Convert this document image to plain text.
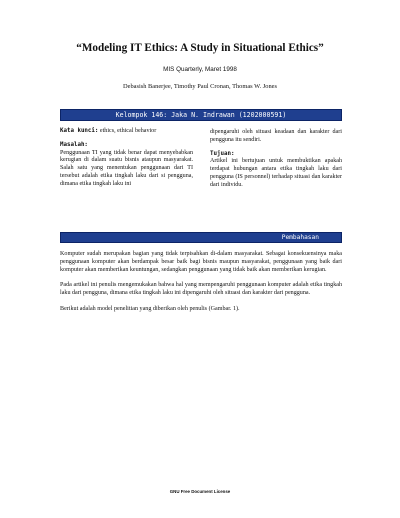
“Modeling IT Ethics: A Study in Situational Ethics”
MIS Quarterly, Maret 1998
Debasish Banerjee, Timothy Paul Cronan, Thomas W. Jones
Kelompok 146: Jaka N. Indrawan (1202000591)
Kata kunci: ethics, ethical behavior
Masalah:
Penggunaan TI yang tidak benar dapat menyebabkan kerugian di dalam suatu bisnis ataupun masyarakat. Salah satu yang menentukan penggunaan dari TI tersebut adalah etika tingkah laku dari si pengguna, dimana etika tingkah laku ini
dipengaruhi oleh situasi keadaan dan karakter dari pengguna itu sendiri.
Tujuan:
Artikel ini bertujuan untuk membuktikan apakah terdapat hubungan antara etika tingkah laku dari pengguna (IS personnel) terhadap situasi dan karakter dari individu.
Pembahasan

Komputer sudah merupakan bagian yang tidak terpisahkan di-dalam masyarakat. Sebagai konsekuensinya maka penggunaan komputer akan berdampak besar baik bagi bisnis maupun masyarakat, penggunaan yang baik dari komputer akan memberikan keuntungan, sedangkan penggunaan yang tidak baik akan memberikan kerugian.

Pada artikel ini penulis mengemukakan bahwa hal yang mempengaruhi penggunaan komputer adalah etika tingkah laku dari pengguna, dimana etika tingkah laku ini dipengaruhi oleh situasi dan karakter dari pengguna.

Berikut adalah model penelitian yang diberikan oleh penulis (Gambar. 1).

GNU Free Document License
